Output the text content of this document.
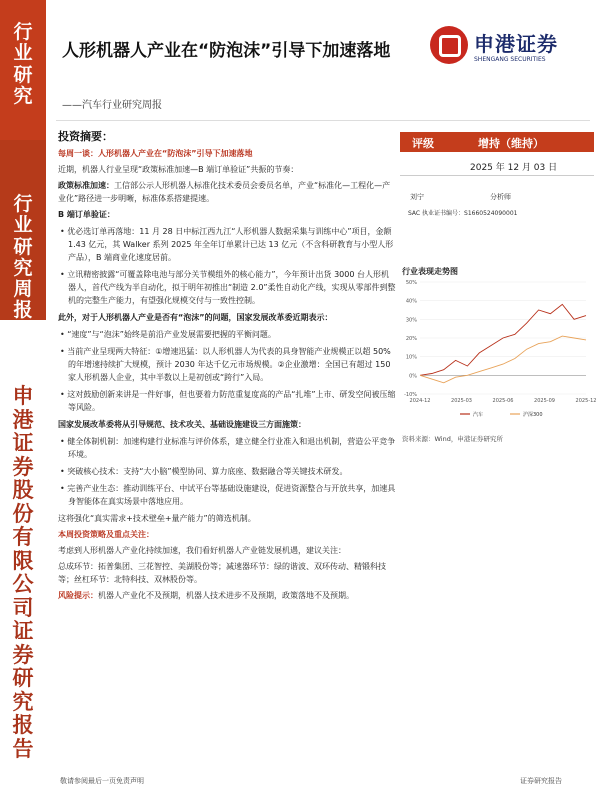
行
业
研
究
行
业
研
究
周
报
申
港
证
券
股
份
有
限
公
司
证
券
研
究
报
告
人形机器人产业在“防泡沫”引导下加速落地
——汽车行业研究周报
申港证券
SHENGANG SECURITIES
投资摘要：
每周一谈：人形机器人产业在“防泡沫”引导下加速落地

近期，机器人行业呈现“政策标准加速—B 端订单验证”共振的节奏：

政策标准加速：工信部公示人形机器人标准化技术委员会委员名单，产业“标准化—工程化—产业化”路径进一步明晰，标准体系搭建提速。

B 端订单验证：

• 优必选订单再落地：11 月 28 日中标江西九江“人形机器人数据采集与训练中心”项目，金额 1.43 亿元，其 Walker 系列 2025 年全年订单累计已达 13 亿元（不含科研教育与小型人形产品），B 端商业化速度居前。

• 立讯精密披露“可覆盖除电池与部分关节模组外的核心能力”，今年预计出货 3000 台人形机器人，首代产线为半自动化，拟于明年初推出“制造 2.0”柔性自动化产线，实现从零部件到整机的完整生产能力，有望强化规模交付与一致性控制。

此外，对于人形机器人产业是否有“泡沫”的问题，国家发展改革委近期表示：

• “速度”与“泡沫”始终是前沿产业发展需要把握的平衡问题。

• 当前产业呈现两大特征：①增速迅猛：以人形机器人为代表的具身智能产业规模正以超 50%的年增速持续扩大规模，预计 2030 年达千亿元市场规模。②企业激增：全国已有超过 150 家人形机器人企业，其中半数以上是初创或“跨行”入局。

• 这对鼓励创新来讲是一件好事，但也要着力防范重复度高的产品“扎堆”上市、研发空间被压缩等风险。

国家发展改革委将从引导规范、技术攻关、基础设施建设三方面施策：

• 健全体制机制：加速构建行业标准与评价体系，建立健全行业准入和退出机制，营造公平竞争环境。

• 突破核心技术：支持“大小脑”模型协同、算力底座、数据融合等关键技术研发。

• 完善产业生态：推动训练平台、中试平台等基础设施建设，促进资源整合与开放共享，加速具身智能体在真实场景中落地应用。

这将强化“真实需求+技术壁垒+量产能力”的筛选机制。

本周投资策略及重点关注：

考虑到人形机器人产业化持续加速，我们看好机器人产业链发展机遇，建议关注：

总成环节：拓普集团、三花智控、美湖股份等；减速器环节：绿的谐波、双环传动、精锻科技等；丝杠环节：北特科技、双林股份等。

风险提示：机器人产业化不及预期，机器人技术进步不及预期，政策落地不及预期。

评级	增持（维持）
2025 年 12 月 03 日
刘宁	分析师
SAC 执业证书编号：S1660524090001
行业表现走势图
-10%
0%
10%
20%
30%
40%
50%
2024-12	2025-03	2025-06	2025-09	2025-12
汽车	沪深300
资料来源：Wind，申港证券研究所
敬请参阅最后一页免责声明	证券研究报告
